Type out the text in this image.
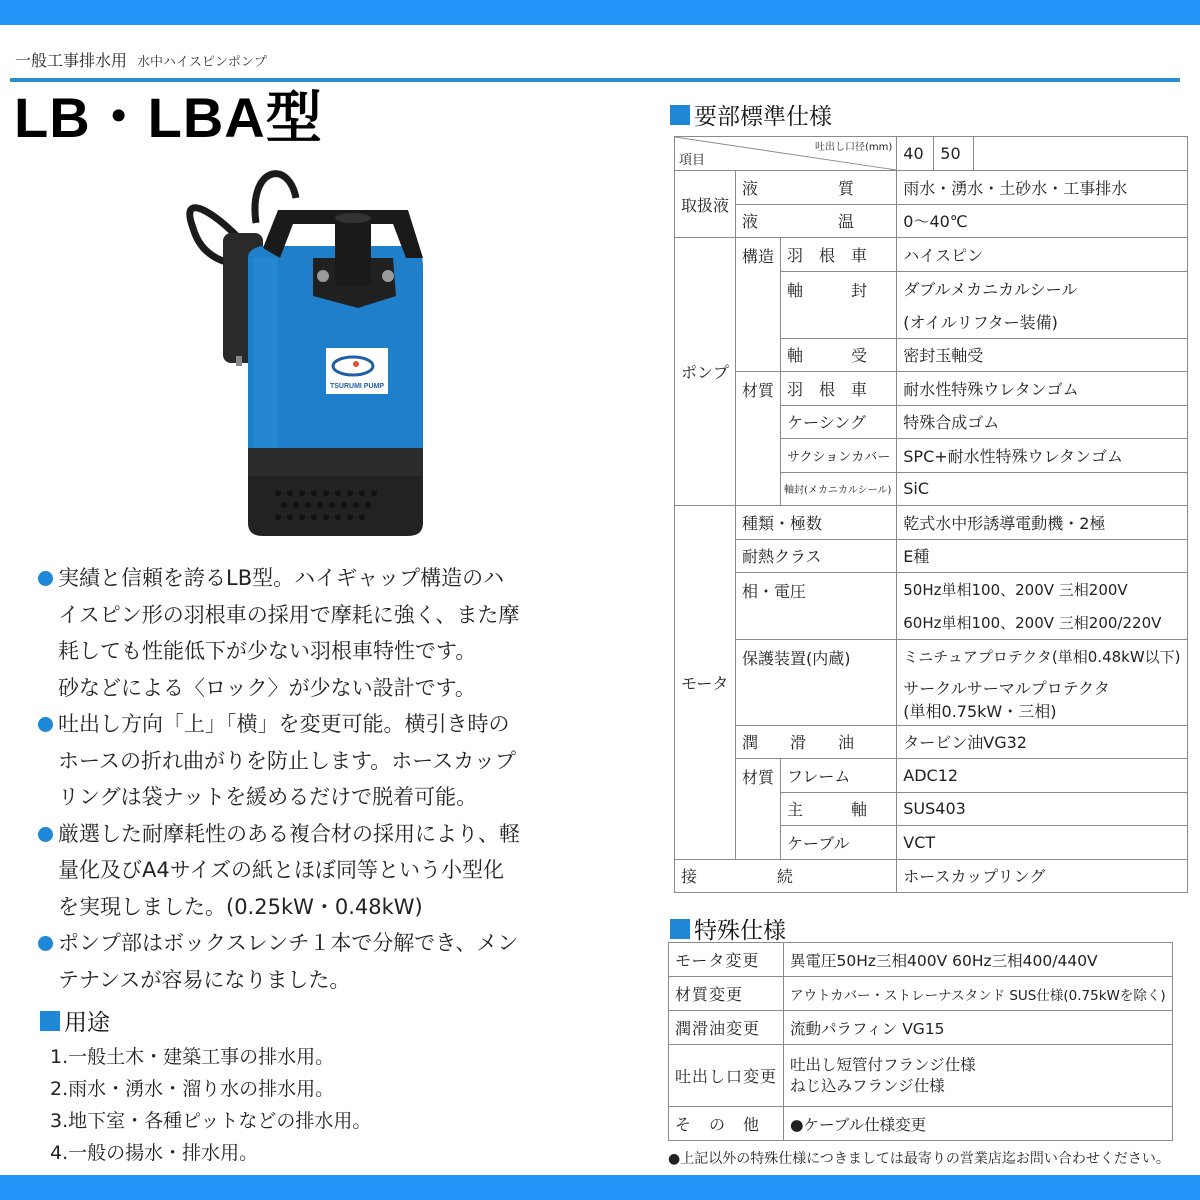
一般工事排水用 水中ハイスピンポンプ
LB・LBA型
TSURUMI PUMP
実績と信頼を誇るLB型。ハイギャップ構造のハ
イスピン形の羽根車の採用で摩耗に強く、また摩
耗しても性能低下が少ない羽根車特性です。
砂などによる〈ロック〉が少ない設計です。
吐出し方向「上」「横」を変更可能。横引き時の
ホースの折れ曲がりを防止します。ホースカップ
リングは袋ナットを緩めるだけで脱着可能。
厳選した耐摩耗性のある複合材の採用により、軽
量化及びA4サイズの紙とほぼ同等という小型化
を実現しました。(0.25kW・0.48kW)
ポンプ部はボックスレンチ１本で分解でき、メン
テナンスが容易になりました。
用途
1.一般土木・建築工事の排水用。
2.雨水・湧水・溜り水の排水用。
3.地下室・各種ピットなどの排水用。
4.一般の揚水・排水用。
要部標準仕様
吐出し口径(mm)
項目			40	50	
取扱液	液　　　　　質		雨水・湧水・土砂水・工事排水		
	液　　　　　温		0〜40℃		
ポンプ	構造	羽　根　車	ハイスピン		
		軸　　　封	ダブルメカニカルシール		
			(オイルリフター装備)		
		軸　　　受	密封玉軸受		
	材質	羽　根　車	耐水性特殊ウレタンゴム		
		ケーシング	特殊合成ゴム		
		サクションカバー	SPC+耐水性特殊ウレタンゴム		
		軸封(メカニカルシール)	SiC		
モータ	種類・極数		乾式水中形誘導電動機・2極		
	耐熱クラス		E種		
	相・電圧		50Hz単相100、200V 三相200V		
			60Hz単相100、200V 三相200/220V		
	保護装置(内蔵)		ミニチュアプロテクタ(単相0.48kW以下)		
			サークルサーマルプロテクタ		
			(単相0.75kW・三相)		
	潤　　滑　　油		タービン油VG32		
	材質	フレーム	ADC12		
		主　　　軸	SUS403		
		ケーブル	VCT		
接　　　　　続			ホースカップリング		
特殊仕様
モータ変更	異電圧50Hz三相400V 60Hz三相400/440V
材質変更	アウトカバー・ストレーナスタンド SUS仕様(0.75kWを除く)
潤滑油変更	流動パラフィン VG15
吐出し口変更	吐出し短管付フランジ仕様
ねじ込みフランジ仕様

そ　の　他	●ケーブル仕様変更
●上記以外の特殊仕様につきましては最寄りの営業店迄お問い合わせください。
